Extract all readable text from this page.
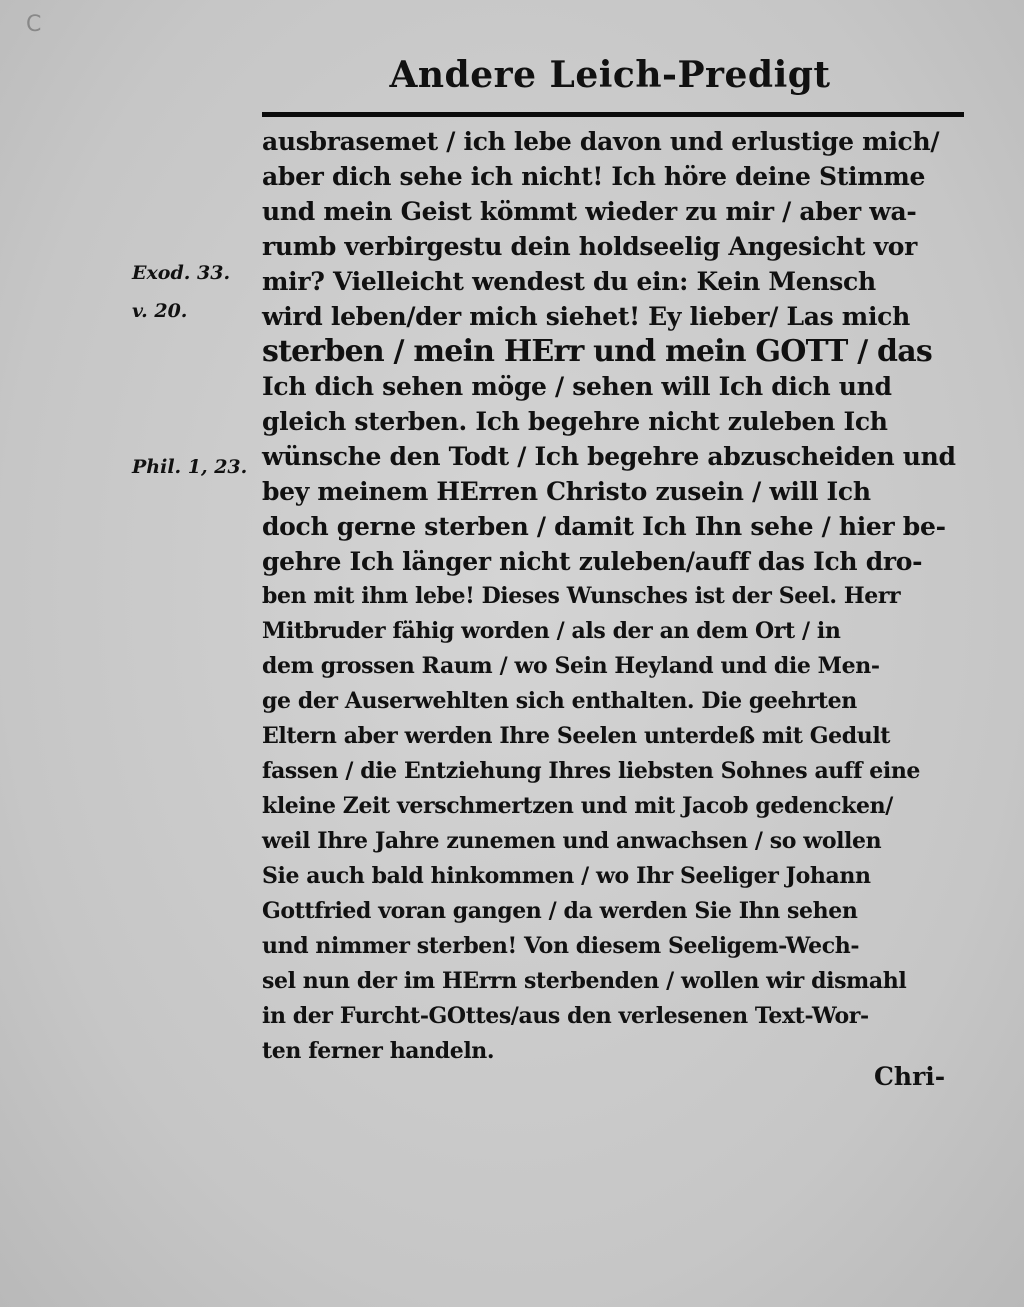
C
Andere Leich-Predigt
Exod. 33.
v. 20.
Phil. 1, 23.
ausbrasemet / ich lebe davon und erlustige mich/
aber dich sehe ich nicht! Ich höre deine Stimme
und mein Geist kömmt wieder zu mir / aber wa-
rumb verbirgestu dein holdseelig Angesicht vor
mir? Vielleicht wendest du ein: Kein Mensch
wird leben/der mich siehet! Ey lieber/ Las mich
sterben / mein HErr und mein GOTT / das
Ich dich sehen möge / sehen will Ich dich und
gleich sterben. Ich begehre nicht zuleben Ich
wünsche den Todt / Ich begehre abzuscheiden und
bey meinem HErren Christo zusein / will Ich
doch gerne sterben / damit Ich Ihn sehe / hier be-
gehre Ich länger nicht zuleben/auff das Ich dro-
ben mit ihm lebe! Dieses Wunsches ist der Seel. Herr
Mitbruder fähig worden / als der an dem Ort / in
dem grossen Raum / wo Sein Heyland und die Men-
ge der Auserwehlten sich enthalten. Die geehrten
Eltern aber werden Ihre Seelen unterdeß mit Gedult
fassen / die Entziehung Ihres liebsten Sohnes auff eine
kleine Zeit verschmertzen und mit Jacob gedencken/
weil Ihre Jahre zunemen und anwachsen / so wollen
Sie auch bald hinkommen / wo Ihr Seeliger Johann
Gottfried voran gangen / da werden Sie Ihn sehen
und nimmer sterben! Von diesem Seeligem-Wech-
sel nun der im HErrn sterbenden / wollen wir dismahl
in der Furcht-GOttes/aus den verlesenen Text-Wor-
ten ferner handeln.
Chri-
